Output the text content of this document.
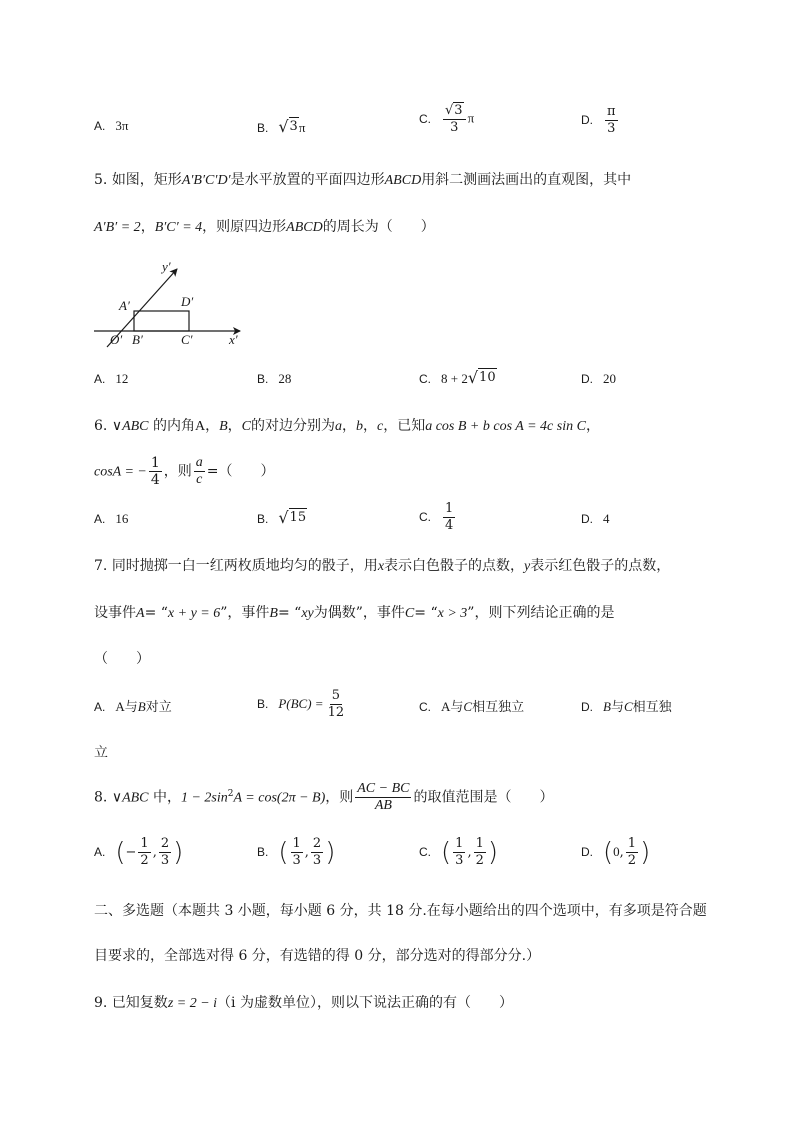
A. 3π	B. √ 3 π
C. $\frac{√ 3}{3}$ π	D. $\frac{\pi}{3}$
5. 如图，矩形A′B′C′D′是水平放置的平面四边形ABCD用斜二测画法画出的直观图，其中
A′B′ = 2，B′C′ = 4，则原四边形ABCD的周长为（　　）
y′
x′
O′ B′	C′
A′	D′
A. 12	B. 28	C. 8 + 2 √ 10	D. 20
6. ∨ABC 的内角A，B，C的对边分别为a，b，c，已知a cos B + b cos A = 4c sin C，
cosA = − $\frac{1}{4}$ ，则 $\frac{a}{c}$ =（　　）
A. 16	B. √ 15	C. $\frac{1}{4}$	D. 4
7. 同时抛掷一白一红两枚质地均匀的骰子，用x表示白色骰子的点数，y表示红色骰子的点数，
设事件A= “x + y = 6”，事件B= “xy为偶数”，事件C= “x > 3”，则下列结论正确的是
（　　）
A. A与B对立	B. $P(BC) = \frac{5}{12}$	C. A与C相互独立	D. B与C相互独
立
8. ∨ABC 中，$1 - 2\sin^2A = \cos(2\pi - B)$，则 $\frac{AC - BC}{AB}$ 的取值范围是（　　）
A. (− $\frac{1}{2}$ , $\frac{2}{3}$ )	B. ( $\frac{1}{3}$ , $\frac{2}{3}$ )	C. ( $\frac{1}{3}$ , $\frac{1}{2}$ )	D. (0, $\frac{1}{2}$ )
二、多选题（本题共 3 小题，每小题 6 分，共 18 分.在每小题给出的四个选项中，有多项是符合题
目要求的，全部选对得 6 分，有选错的得 0 分，部分选对的得部分分.）
9. 已知复数z = 2 − i（i 为虚数单位），则以下说法正确的有（　　）
